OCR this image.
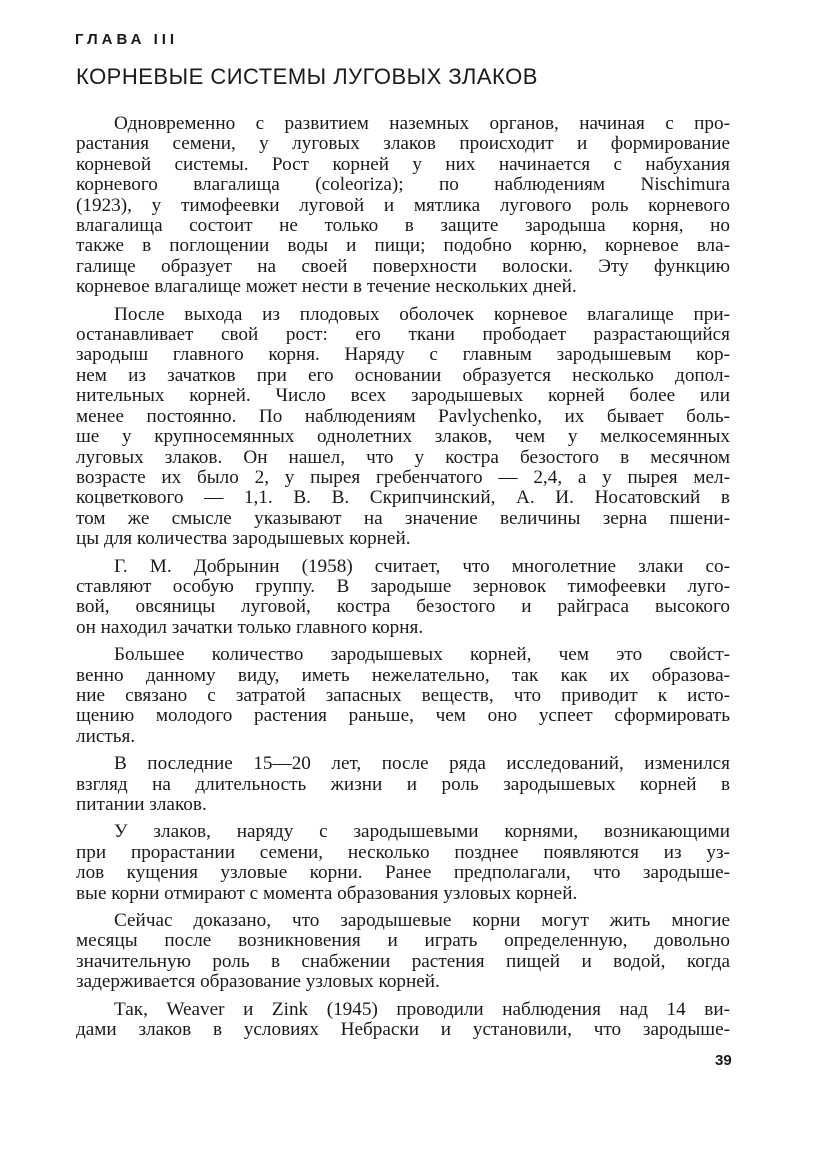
ГЛАВА III
КОРНЕВЫЕ СИСТЕМЫ ЛУГОВЫХ ЗЛАКОВ
Одновременно с развитием наземных органов, начиная с про-
растания семени, у луговых злаков происходит и формирование
корневой системы. Рост корней у них начинается с набухания
корневого влагалища (coleoriza); по наблюдениям Nischimura
(1923), у тимофеевки луговой и мятлика лугового роль корневого
влагалища состоит не только в защите зародыша корня, но
также в поглощении воды и пищи; подобно корню, корневое вла-
галище образует на своей поверхности волоски. Эту функцию
корневое влагалище может нести в течение нескольких дней.
После выхода из плодовых оболочек корневое влагалище при-
останавливает свой рост: его ткани прободает разрастающийся
зародыш главного корня. Наряду с главным зародышевым кор-
нем из зачатков при его основании образуется несколько допол-
нительных корней. Число всех зародышевых корней более или
менее постоянно. По наблюдениям Pavlychenko, их бывает боль-
ше у крупносемянных однолетних злаков, чем у мелкосемянных
луговых злаков. Он нашел, что у костра безостого в месячном
возрасте их было 2, у пырея гребенчатого — 2,4, а у пырея мел-
коцветкового — 1,1. В. В. Скрипчинский, А. И. Носатовский в
том же смысле указывают на значение величины зерна пшени-
цы для количества зародышевых корней.
Г. М. Добрынин (1958) считает, что многолетние злаки со-
ставляют особую группу. В зародыше зерновок тимофеевки луго-
вой, овсяницы луговой, костра безостого и райграса высокого
он находил зачатки только главного корня.
Большее количество зародышевых корней, чем это свойст-
венно данному виду, иметь нежелательно, так как их образова-
ние связано с затратой запасных веществ, что приводит к исто-
щению молодого растения раньше, чем оно успеет сформировать
листья.
В последние 15—20 лет, после ряда исследований, изменился
взгляд на длительность жизни и роль зародышевых корней в
питании злаков.
У злаков, наряду с зародышевыми корнями, возникающими
при прорастании семени, несколько позднее появляются из уз-
лов кущения узловые корни. Ранее предполагали, что зародыше-
вые корни отмирают с момента образования узловых корней.
Сейчас доказано, что зародышевые корни могут жить многие
месяцы после возникновения и играть определенную, довольно
значительную роль в снабжении растения пищей и водой, когда
задерживается образование узловых корней.
Так, Weaver и Zink (1945) проводили наблюдения над 14 ви-
дами злаков в условиях Небраски и установили, что зародыше-
39
